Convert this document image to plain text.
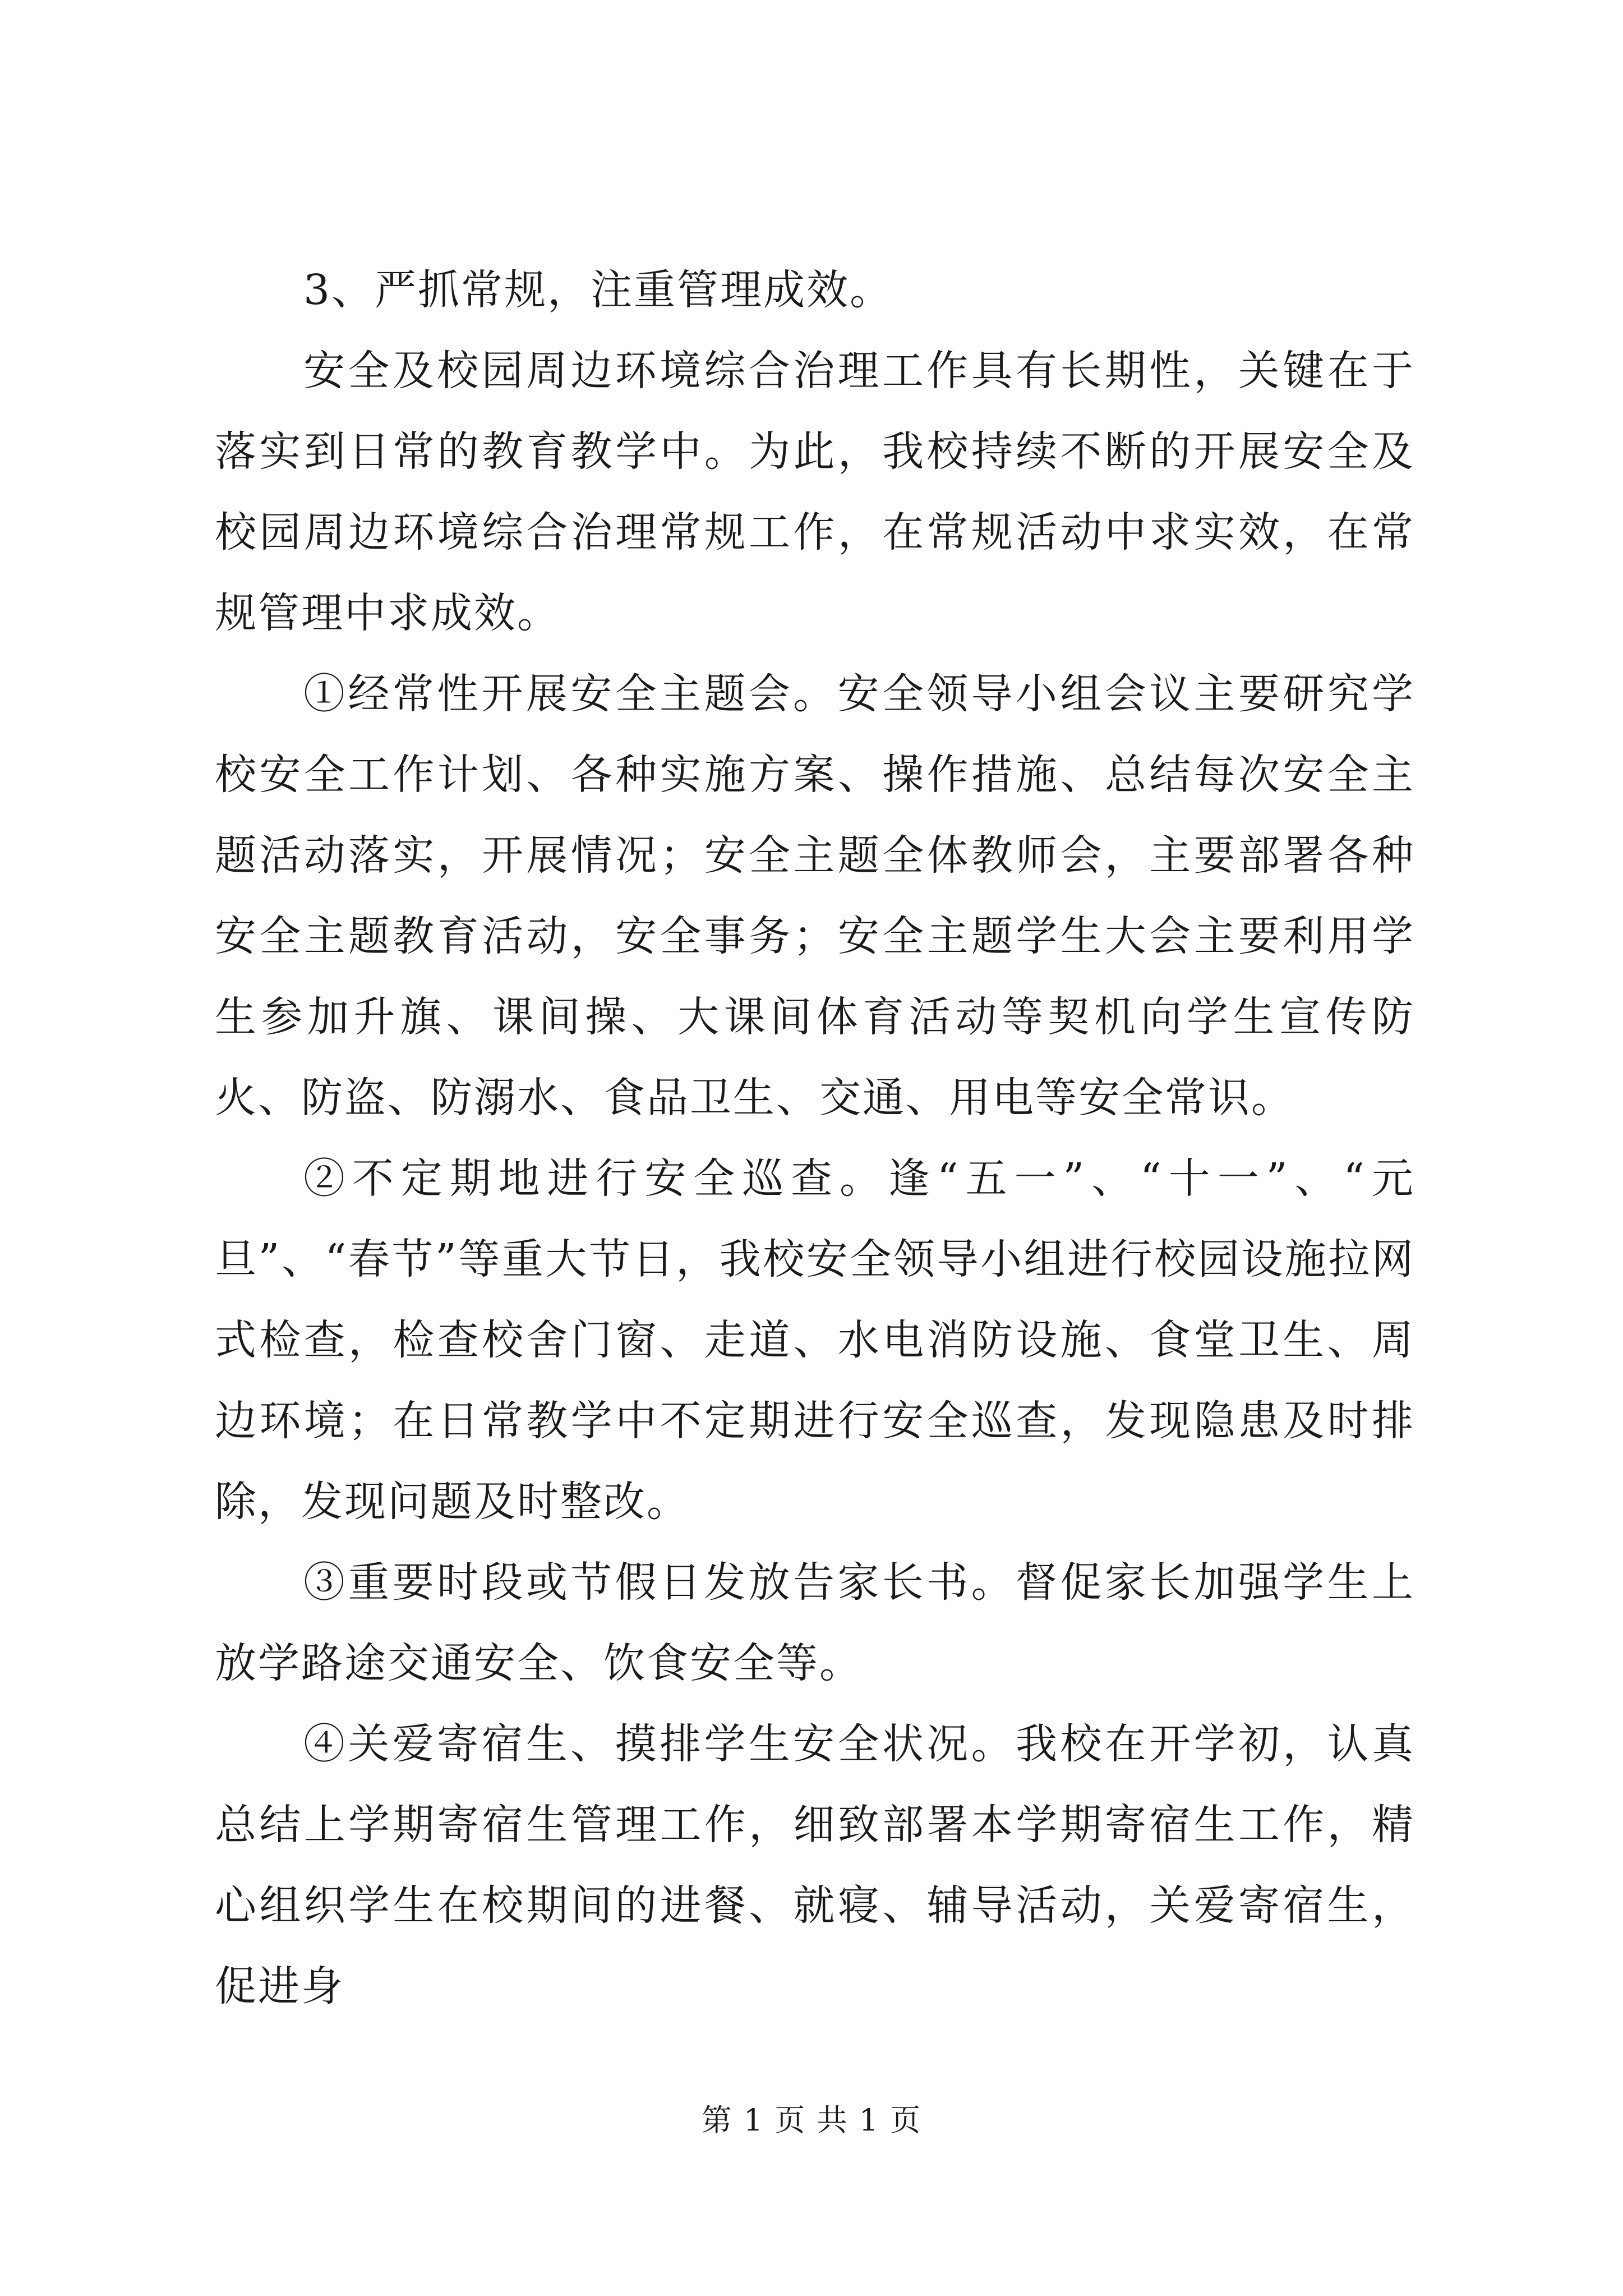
3、严抓常规，注重管理成效。

安全及校园周边环境综合治理工作具有长期性，关键在于落实到日常的教育教学中。为此，我校持续不断的开展安全及校园周边环境综合治理常规工作，在常规活动中求实效，在常规管理中求成效。

①经常性开展安全主题会。安全领导小组会议主要研究学校安全工作计划、各种实施方案、操作措施、总结每次安全主题活动落实，开展情况；安全主题全体教师会，主要部署各种安全主题教育活动，安全事务；安全主题学生大会主要利用学生参加升旗、课间操、大课间体育活动等契机向学生宣传防火、防盗、防溺水、食品卫生、交通、用电等安全常识。

②不定期地进行安全巡查。逢“五一”、“十一”、“元旦”、“春节”等重大节日，我校安全领导小组进行校园设施拉网式检查，检查校舍门窗、走道、水电消防设施、食堂卫生、周边环境；在日常教学中不定期进行安全巡查，发现隐患及时排除，发现问题及时整改。

③重要时段或节假日发放告家长书。督促家长加强学生上放学路途交通安全、饮食安全等。

④关爱寄宿生、摸排学生安全状况。我校在开学初，认真总结上学期寄宿生管理工作，细致部署本学期寄宿生工作，精心组织学生在校期间的进餐、就寝、辅导活动，关爱寄宿生，促进身

第 1 页 共 1 页
